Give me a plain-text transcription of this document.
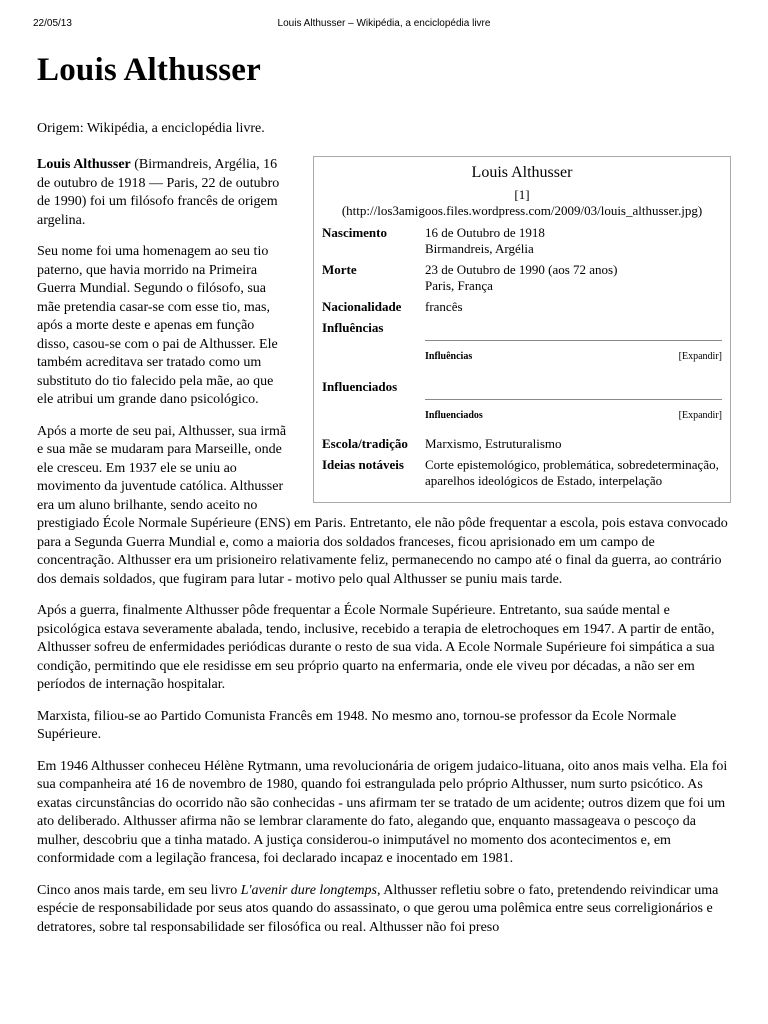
22/05/13	Louis Althusser – Wikipédia, a enciclopédia livre
Louis Althusser
Origem: Wikipédia, a enciclopédia livre.
Louis Althusser
[1]
(http://los3amigoos.files.wordpress.com/2009/03/louis_althusser.jpg)
Nascimento	16 de Outubro de 1918
Birmandreis, Argélia
Morte	23 de Outubro de 1990 (aos 72 anos)
Paris, França
Nacionalidade	francês
Influências
Influências	[Expandir]
Influenciados
Influenciados	[Expandir]
Escola/tradição	Marxismo, Estruturalismo
Ideias notáveis	Corte epistemológico, problemática, sobredeterminação, aparelhos ideológicos de Estado, interpelação

Louis Althusser (Birmandreis, Argélia, 16 de outubro de 1918 — Paris, 22 de outubro de 1990) foi um filósofo francês de origem argelina.

Seu nome foi uma homenagem ao seu tio paterno, que havia morrido na Primeira Guerra Mundial. Segundo o filósofo, sua mãe pretendia casar-se com esse tio, mas, após a morte deste e apenas em função disso, casou-se com o pai de Althusser. Ele também acreditava ser tratado como um substituto do tio falecido pela mãe, ao que ele atribui um grande dano psicológico.

Após a morte de seu pai, Althusser, sua irmã e sua mãe se mudaram para Marseille, onde ele cresceu. Em 1937 ele se uniu ao movimento da juventude católica. Althusser era um aluno brilhante, sendo aceito no prestigiado École Normale Supérieure (ENS) em Paris. Entretanto, ele não pôde frequentar a escola, pois estava convocado para a Segunda Guerra Mundial e, como a maioria dos soldados franceses, ficou aprisionado em um campo de concentração. Althusser era um prisioneiro relativamente feliz, permanecendo no campo até o final da guerra, ao contrário dos demais soldados, que fugiram para lutar - motivo pelo qual Althusser se puniu mais tarde.

Após a guerra, finalmente Althusser pôde frequentar a École Normale Supérieure. Entretanto, sua saúde mental e psicológica estava severamente abalada, tendo, inclusive, recebido a terapia de eletrochoques em 1947. A partir de então, Althusser sofreu de enfermidades periódicas durante o resto de sua vida. A Ecole Normale Supérieure foi simpática a sua condição, permitindo que ele residisse em seu próprio quarto na enfermaria, onde ele viveu por décadas, a não ser em períodos de internação hospitalar.

Marxista, filiou-se ao Partido Comunista Francês em 1948. No mesmo ano, tornou-se professor da Ecole Normale Supérieure.

Em 1946 Althusser conheceu Hélène Rytmann, uma revolucionária de origem judaico-lituana, oito anos mais velha. Ela foi sua companheira até 16 de novembro de 1980, quando foi estrangulada pelo próprio Althusser, num surto psicótico. As exatas circunstâncias do ocorrido não são conhecidas - uns afirmam ter se tratado de um acidente; outros dizem que foi um ato deliberado. Althusser afirma não se lembrar claramente do fato, alegando que, enquanto massageava o pescoço da mulher, descobriu que a tinha matado. A justiça considerou-o inimputável no momento dos acontecimentos e, em conformidade com a legilação francesa, foi declarado incapaz e inocentado em 1981.

Cinco anos mais tarde, em seu livro L'avenir dure longtemps, Althusser refletiu sobre o fato, pretendendo reivindicar uma espécie de responsabilidade por seus atos quando do assassinato, o que gerou uma polêmica entre seus correligionários e detratores, sobre tal responsabilidade ser filosófica ou real. Althusser não foi preso
